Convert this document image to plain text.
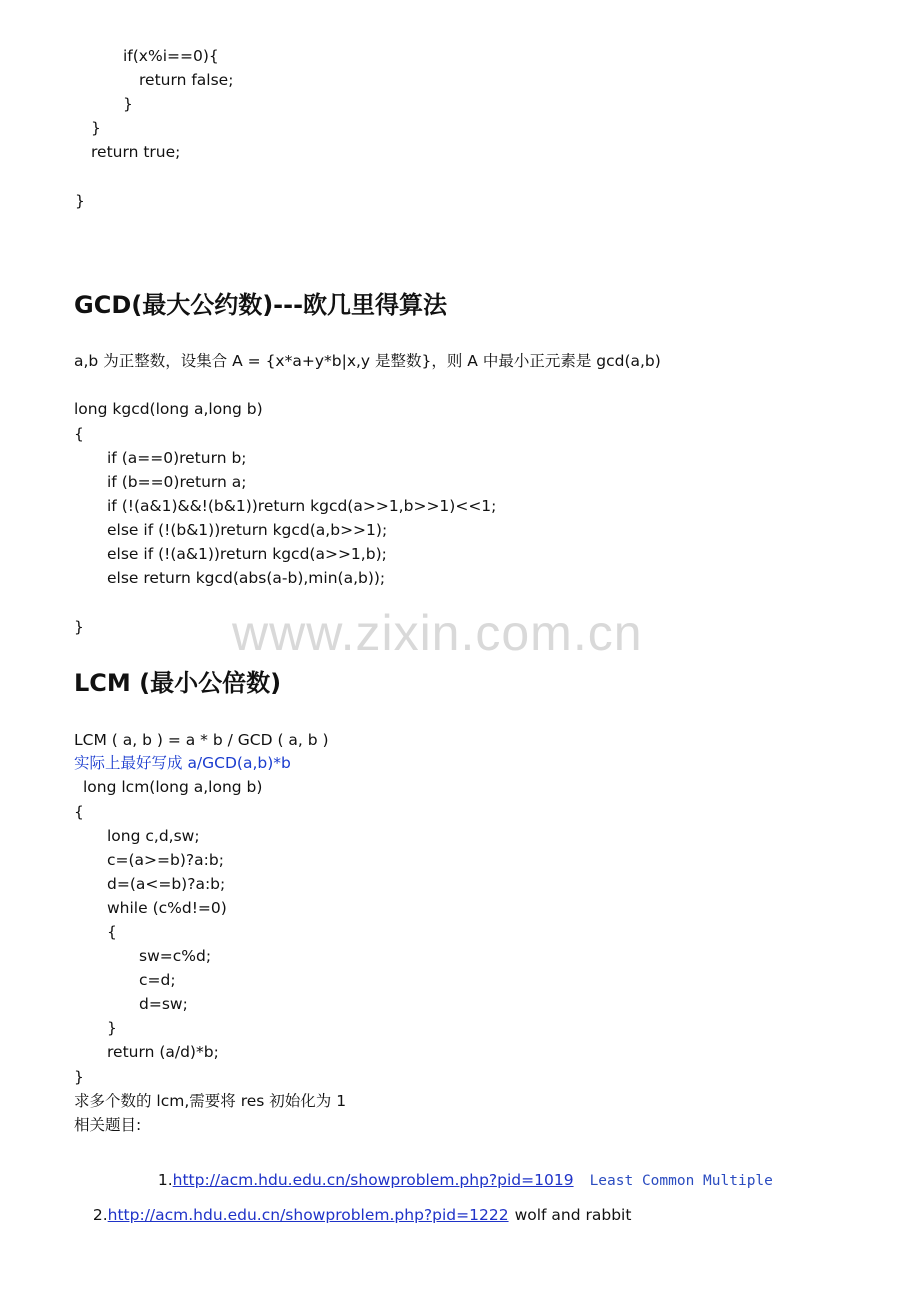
if(x%i==0){
return false;
}
}
return true;
}
GCD(最大公约数)---欧几里得算法
a,b 为正整数，设集合 A = {x*a+y*b|x,y 是整数}，则 A 中最小正元素是 gcd(a,b)
long kgcd(long a,long b)
{
if (a==0)return b;
if (b==0)return a;
if (!(a&1)&&!(b&1))return kgcd(a>>1,b>>1)<<1;
else if (!(b&1))return kgcd(a,b>>1);
else if (!(a&1))return kgcd(a>>1,b);
else return kgcd(abs(a-b),min(a,b));
}	www.zixin.com.cn
LCM (最小公倍数)
LCM ( a, b ) = a * b / GCD ( a, b )
实际上最好写成 a/GCD(a,b)*b
long lcm(long a,long b)
{
long c,d,sw;
c=(a>=b)?a:b;
d=(a<=b)?a:b;
while (c%d!=0)
{
sw=c%d;
c=d;
d=sw;
}
return (a/d)*b;
}
求多个数的 lcm,需要将 res 初始化为 1
相关题目:

1.http://acm.hdu.edu.cn/showproblem.php?pid=1019 Least Common Multiple

2.http://acm.hdu.edu.cn/showproblem.php?pid=1222 wolf and rabbit
